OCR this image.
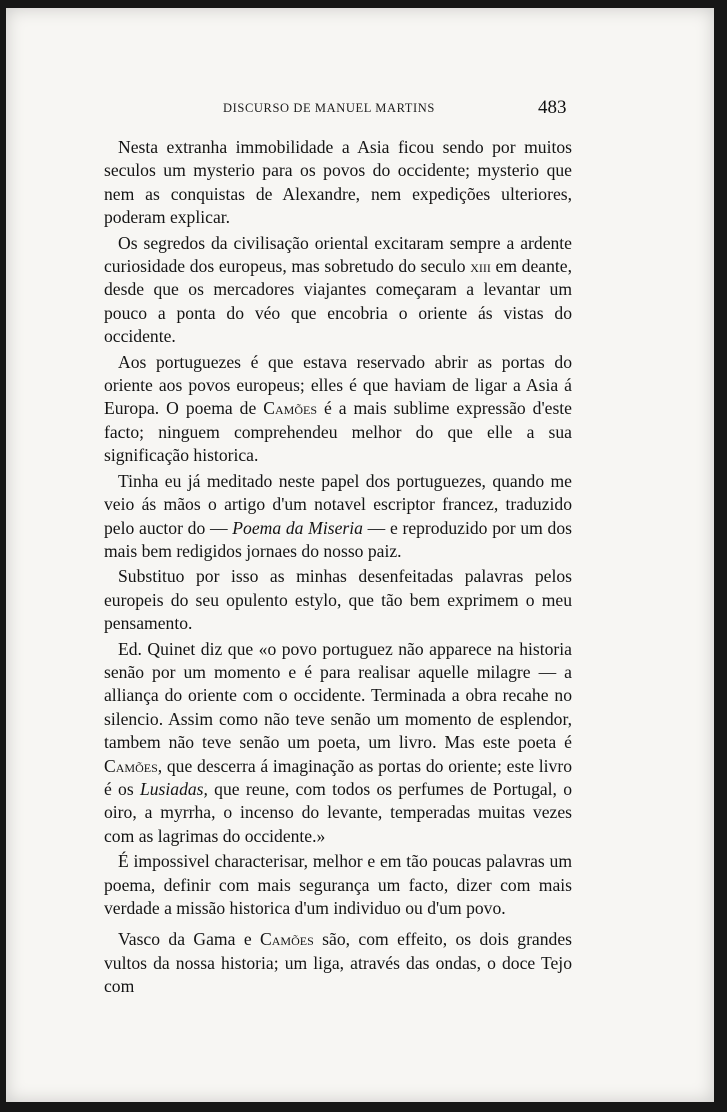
DISCURSO DE MANUEL MARTINS	483

Nesta extranha immobilidade a Asia ficou sendo por muitos seculos um mysterio para os povos do occidente; mysterio que nem as conquistas de Alexandre, nem expedições ulteriores, poderam explicar.

Os segredos da civilisação oriental excitaram sempre a ardente curiosidade dos europeus, mas sobretudo do seculo xiii em deante, desde que os mercadores viajantes começaram a levantar um pouco a ponta do véo que encobria o oriente ás vistas do occidente.

Aos portuguezes é que estava reservado abrir as portas do oriente aos povos europeus; elles é que haviam de ligar a Asia á Europa. O poema de Camões é a mais sublime expressão d'este facto; ninguem comprehendeu melhor do que elle a sua significação historica.

Tinha eu já meditado neste papel dos portuguezes, quando me veio ás mãos o artigo d'um notavel escriptor francez, traduzido pelo auctor do — Poema da Miseria — e reproduzido por um dos mais bem redigidos jornaes do nosso paiz.

Substituo por isso as minhas desenfeitadas palavras pelos europeis do seu opulento estylo, que tão bem exprimem o meu pensamento.

Ed. Quinet diz que «o povo portuguez não apparece na historia senão por um momento e é para realisar aquelle milagre — a alliança do oriente com o occidente. Terminada a obra recahe no silencio. Assim como não teve senão um momento de esplendor, tambem não teve senão um poeta, um livro. Mas este poeta é Camões, que descerra á imaginação as portas do oriente; este livro é os Lusiadas, que reune, com todos os perfumes de Portugal, o oiro, a myrrha, o incenso do levante, temperadas muitas vezes com as lagrimas do occidente.»

É impossivel characterisar, melhor e em tão poucas palavras um poema, definir com mais segurança um facto, dizer com mais verdade a missão historica d'um individuo ou d'um povo.

Vasco da Gama e Camões são, com effeito, os dois grandes vultos da nossa historia; um liga, através das ondas, o doce Tejo com
